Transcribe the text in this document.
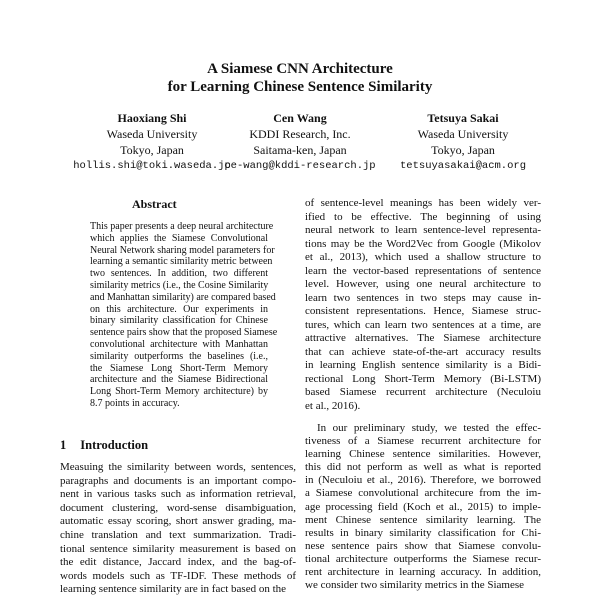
A Siamese CNN Architecture
for Learning Chinese Sentence Similarity
Haoxiang Shi
Waseda University
Tokyo, Japan
hollis.shi@toki.waseda.jp
Cen Wang
KDDI Research, Inc.
Saitama-ken, Japan
ce-wang@kddi-research.jp
Tetsuya Sakai
Waseda University
Tokyo, Japan
tetsuyasakai@acm.org
Abstract
This paper presents a deep neural architecture
which applies the Siamese Convolutional
Neural Network sharing model parameters for
learning a semantic similarity metric between
two sentences. In addition, two different
similarity metrics (i.e., the Cosine Similarity
and Manhattan similarity) are compared based
on this architecture. Our experiments in
binary similarity classification for Chinese
sentence pairs show that the proposed Siamese
convolutional architecture with Manhattan
similarity outperforms the baselines (i.e.,
the Siamese Long Short-Term Memory
architecture and the Siamese Bidirectional
Long Short-Term Memory architecture) by
8.7 points in accuracy.
1 Introduction
Measuing the similarity between words, sentences,
paragraphs and documents is an important compo-
nent in various tasks such as information retrieval,
document clustering, word-sense disambiguation,
automatic essay scoring, short answer grading, ma-
chine translation and text summarization. Tradi-
tional sentence similarity measurement is based on
the edit distance, Jaccard index, and the bag-of-
words models such as TF-IDF. These methods of
learning sentence similarity are in fact based on the
of sentence-level meanings has been widely ver-
ified to be effective. The beginning of using
neural network to learn sentence-level representa-
tions may be the Word2Vec from Google (Mikolov
et al., 2013), which used a shallow structure to
learn the vector-based representations of sentence
level. However, using one neural architecture to
learn two sentences in two steps may cause in-
consistent representations. Hence, Siamese struc-
tures, which can learn two sentences at a time, are
attractive alternatives. The Siamese architecture
that can achieve state-of-the-art accuracy results
in learning English sentence similarity is a Bidi-
rectional Long Short-Term Memory (Bi-LSTM)
based Siamese recurrent architecture (Neculoiu
et al., 2016).
In our preliminary study, we tested the effec-
tiveness of a Siamese recurrent architecture for
learning Chinese sentence similarities. However,
this did not perform as well as what is reported
in (Neculoiu et al., 2016). Therefore, we borrowed
a Siamese convolutional architecure from the im-
age processing field (Koch et al., 2015) to imple-
ment Chinese sentence similarity learning. The
results in binary similarity classification for Chi-
nese sentence pairs show that Siamese convolu-
tional architecture outperforms the Siamese recur-
rent architecture in learning accuracy. In addition,
we consider two similarity metrics in the Siamese
